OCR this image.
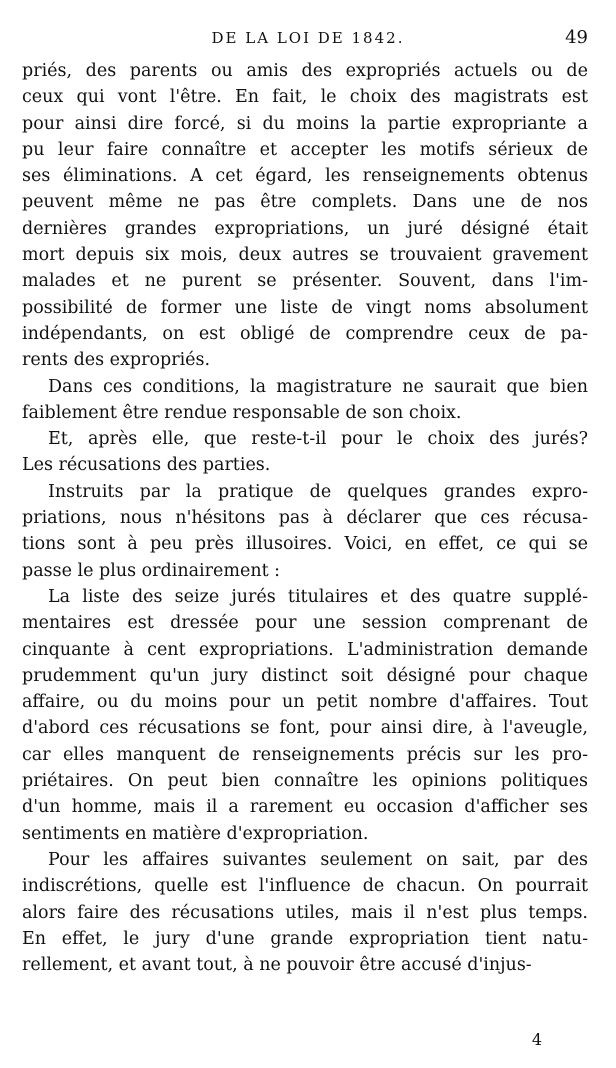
DE LA LOI DE 1842.	49
priés, des parents ou amis des expropriés actuels ou de
ceux qui vont l'être. En fait, le choix des magistrats est
pour ainsi dire forcé, si du moins la partie expropriante a
pu leur faire connaître et accepter les motifs sérieux de
ses éliminations. A cet égard, les renseignements obtenus
peuvent même ne pas être complets. Dans une de nos
dernières grandes expropriations, un juré désigné était
mort depuis six mois, deux autres se trouvaient gravement
malades et ne purent se présenter. Souvent, dans l'im-
possibilité de former une liste de vingt noms absolument
indépendants, on est obligé de comprendre ceux de pa-
rents des expropriés.
Dans ces conditions, la magistrature ne saurait que bien
faiblement être rendue responsable de son choix.
Et, après elle, que reste-t-il pour le choix des jurés?
Les récusations des parties.
Instruits par la pratique de quelques grandes expro-
priations, nous n'hésitons pas à déclarer que ces récusa-
tions sont à peu près illusoires. Voici, en effet, ce qui se
passe le plus ordinairement :
La liste des seize jurés titulaires et des quatre supplé-
mentaires est dressée pour une session comprenant de
cinquante à cent expropriations. L'administration demande
prudemment qu'un jury distinct soit désigné pour chaque
affaire, ou du moins pour un petit nombre d'affaires. Tout
d'abord ces récusations se font, pour ainsi dire, à l'aveugle,
car elles manquent de renseignements précis sur les pro-
priétaires. On peut bien connaître les opinions politiques
d'un homme, mais il a rarement eu occasion d'afficher ses
sentiments en matière d'expropriation.
Pour les affaires suivantes seulement on sait, par des
indiscrétions, quelle est l'influence de chacun. On pourrait
alors faire des récusations utiles, mais il n'est plus temps.
En effet, le jury d'une grande expropriation tient natu-
rellement, et avant tout, à ne pouvoir être accusé d'injus-
4
